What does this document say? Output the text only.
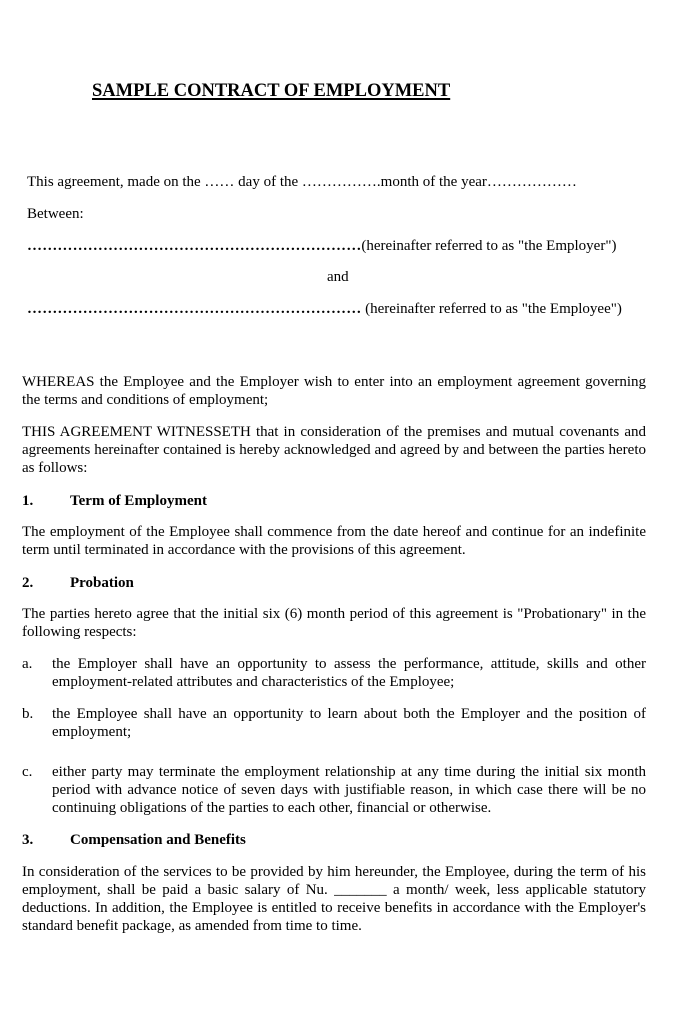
SAMPLE CONTRACT OF EMPLOYMENT
This agreement, made on the …… day of the …………….month of the year………………
Between:
…………………………………………………………(hereinafter referred to as "the Employer")
and
………………………………………………………… (hereinafter referred to as "the Employee")
WHEREAS the Employee and the Employer wish to enter into an employment agreement governing the terms and conditions of employment;
THIS AGREEMENT WITNESSETH that in consideration of the premises and mutual covenants and agreements hereinafter contained is hereby acknowledged and agreed by and between the parties hereto as follows:
1. Term of Employment
The employment of the Employee shall commence from the date hereof and continue for an indefinite term until terminated in accordance with the provisions of this agreement.
2. Probation
The parties hereto agree that the initial six (6) month period of this agreement is "Probationary" in the following respects:
a. the Employer shall have an opportunity to assess the performance, attitude, skills and other employment-related attributes and characteristics of the Employee;
b. the Employee shall have an opportunity to learn about both the Employer and the position of employment;
c. either party may terminate the employment relationship at any time during the initial six month period with advance notice of seven days with justifiable reason, in which case there will be no continuing obligations of the parties to each other, financial or otherwise.
3. Compensation and Benefits
In consideration of the services to be provided by him hereunder, the Employee, during the term of his employment, shall be paid a basic salary of Nu. _______ a month/ week, less applicable statutory deductions. In addition, the Employee is entitled to receive benefits in accordance with the Employer's standard benefit package, as amended from time to time.
